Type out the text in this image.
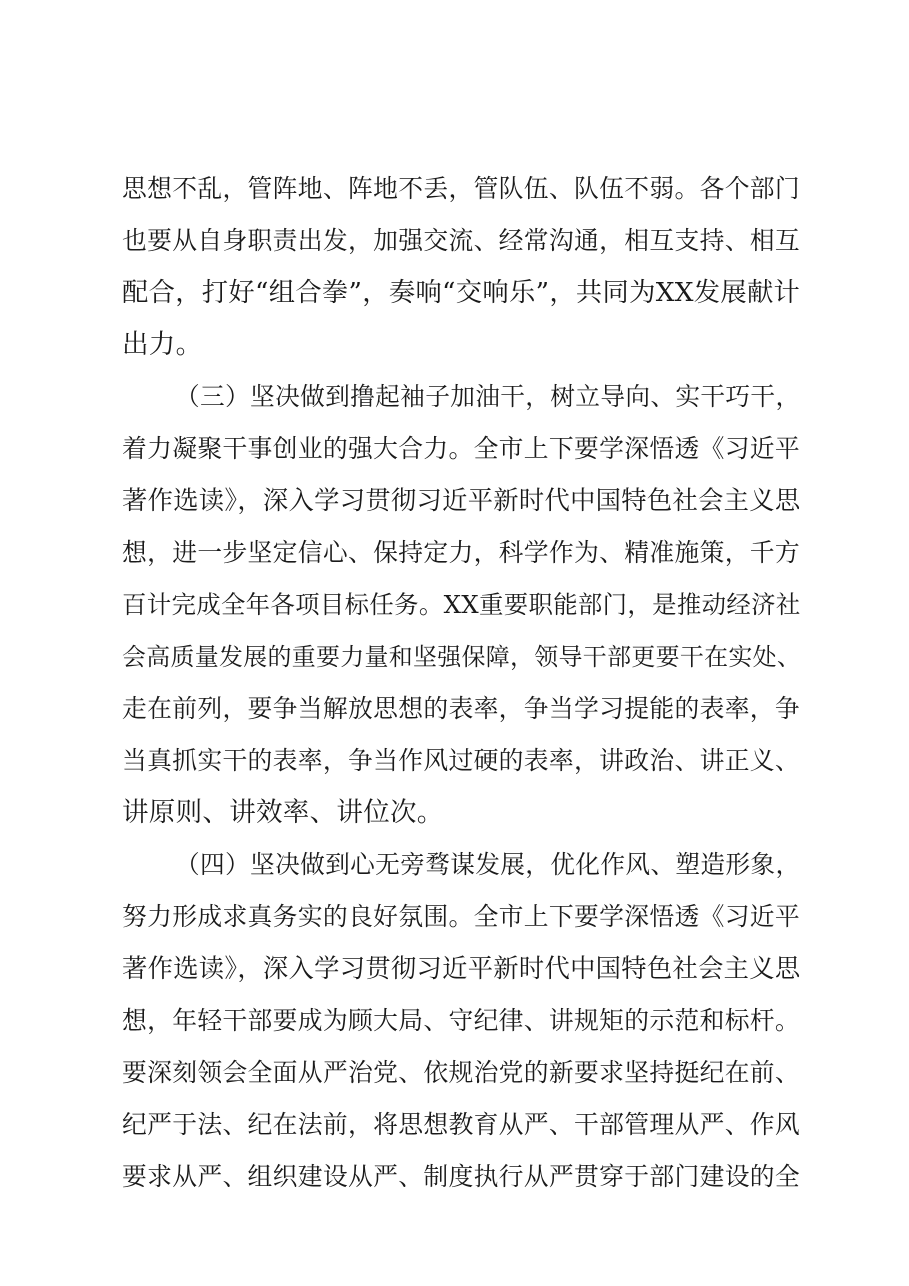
思想不乱，管阵地、阵地不丢，管队伍、队伍不弱。各个部门
也要从自身职责出发，加强交流、经常沟通，相互支持、相互
配合，打好“组合拳”，奏响“交响乐”，共同为XX发展献计
出力。
（三）坚决做到撸起袖子加油干，树立导向、实干巧干，
着力凝聚干事创业的强大合力。全市上下要学深悟透《习近平
著作选读》，深入学习贯彻习近平新时代中国特色社会主义思
想，进一步坚定信心、保持定力，科学作为、精准施策，千方
百计完成全年各项目标任务。XX重要职能部门，是推动经济社
会高质量发展的重要力量和坚强保障，领导干部更要干在实处、
走在前列，要争当解放思想的表率，争当学习提能的表率，争
当真抓实干的表率，争当作风过硬的表率，讲政治、讲正义、
讲原则、讲效率、讲位次。
（四）坚决做到心无旁骛谋发展，优化作风、塑造形象，
努力形成求真务实的良好氛围。全市上下要学深悟透《习近平
著作选读》，深入学习贯彻习近平新时代中国特色社会主义思
想，年轻干部要成为顾大局、守纪律、讲规矩的示范和标杆。
要深刻领会全面从严治党、依规治党的新要求坚持挺纪在前、
纪严于法、纪在法前，将思想教育从严、干部管理从严、作风
要求从严、组织建设从严、制度执行从严贯穿于部门建设的全
